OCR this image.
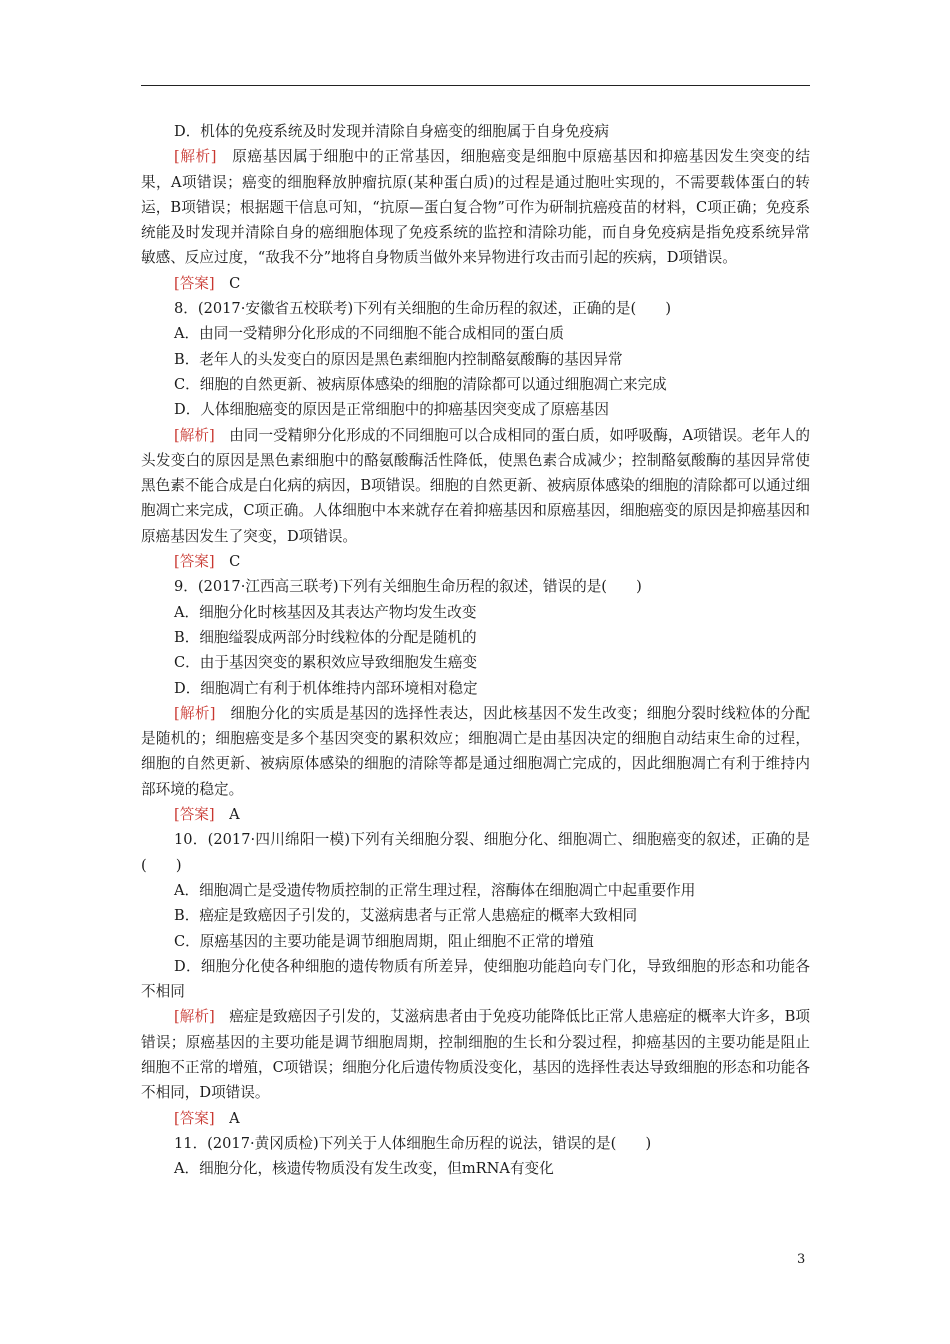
D．机体的免疫系统及时发现并清除自身癌变的细胞属于自身免疫病

[解析]　原癌基因属于细胞中的正常基因，细胞癌变是细胞中原癌基因和抑癌基因发生突变的结果，A项错误；癌变的细胞释放肿瘤抗原(某种蛋白质)的过程是通过胞吐实现的，不需要载体蛋白的转运，B项错误；根据题干信息可知，“抗原—蛋白复合物”可作为研制抗癌疫苗的材料，C项正确；免疫系统能及时发现并清除自身的癌细胞体现了免疫系统的监控和清除功能，而自身免疫病是指免疫系统异常敏感、反应过度，“敌我不分”地将自身物质当做外来异物进行攻击而引起的疾病，D项错误。

[答案]　C

8．(2017·安徽省五校联考)下列有关细胞的生命历程的叙述，正确的是(　　)

A．由同一受精卵分化形成的不同细胞不能合成相同的蛋白质

B．老年人的头发变白的原因是黑色素细胞内控制酪氨酸酶的基因异常

C．细胞的自然更新、被病原体感染的细胞的清除都可以通过细胞凋亡来完成

D．人体细胞癌变的原因是正常细胞中的抑癌基因突变成了原癌基因

[解析]　由同一受精卵分化形成的不同细胞可以合成相同的蛋白质，如呼吸酶，A项错误。老年人的头发变白的原因是黑色素细胞中的酪氨酸酶活性降低，使黑色素合成减少；控制酪氨酸酶的基因异常使黑色素不能合成是白化病的病因，B项错误。细胞的自然更新、被病原体感染的细胞的清除都可以通过细胞凋亡来完成，C项正确。人体细胞中本来就存在着抑癌基因和原癌基因，细胞癌变的原因是抑癌基因和原癌基因发生了突变，D项错误。

[答案]　C

9．(2017·江西高三联考)下列有关细胞生命历程的叙述，错误的是(　　)

A．细胞分化时核基因及其表达产物均发生改变

B．细胞缢裂成两部分时线粒体的分配是随机的

C．由于基因突变的累积效应导致细胞发生癌变

D．细胞凋亡有利于机体维持内部环境相对稳定

[解析]　细胞分化的实质是基因的选择性表达，因此核基因不发生改变；细胞分裂时线粒体的分配是随机的；细胞癌变是多个基因突变的累积效应；细胞凋亡是由基因决定的细胞自动结束生命的过程，细胞的自然更新、被病原体感染的细胞的清除等都是通过细胞凋亡完成的，因此细胞凋亡有利于维持内部环境的稳定。

[答案]　A

10．(2017·四川绵阳一模)下列有关细胞分裂、细胞分化、细胞凋亡、细胞癌变的叙述，正确的是(　　)

A．细胞凋亡是受遗传物质控制的正常生理过程，溶酶体在细胞凋亡中起重要作用

B．癌症是致癌因子引发的，艾滋病患者与正常人患癌症的概率大致相同

C．原癌基因的主要功能是调节细胞周期，阻止细胞不正常的增殖

D．细胞分化使各种细胞的遗传物质有所差异，使细胞功能趋向专门化，导致细胞的形态和功能各不相同

[解析]　癌症是致癌因子引发的，艾滋病患者由于免疫功能降低比正常人患癌症的概率大许多，B项错误；原癌基因的主要功能是调节细胞周期，控制细胞的生长和分裂过程，抑癌基因的主要功能是阻止细胞不正常的增殖，C项错误；细胞分化后遗传物质没变化，基因的选择性表达导致细胞的形态和功能各不相同，D项错误。

[答案]　A

11．(2017·黄冈质检)下列关于人体细胞生命历程的说法，错误的是(　　)

A．细胞分化，核遗传物质没有发生改变，但mRNA有变化

3
